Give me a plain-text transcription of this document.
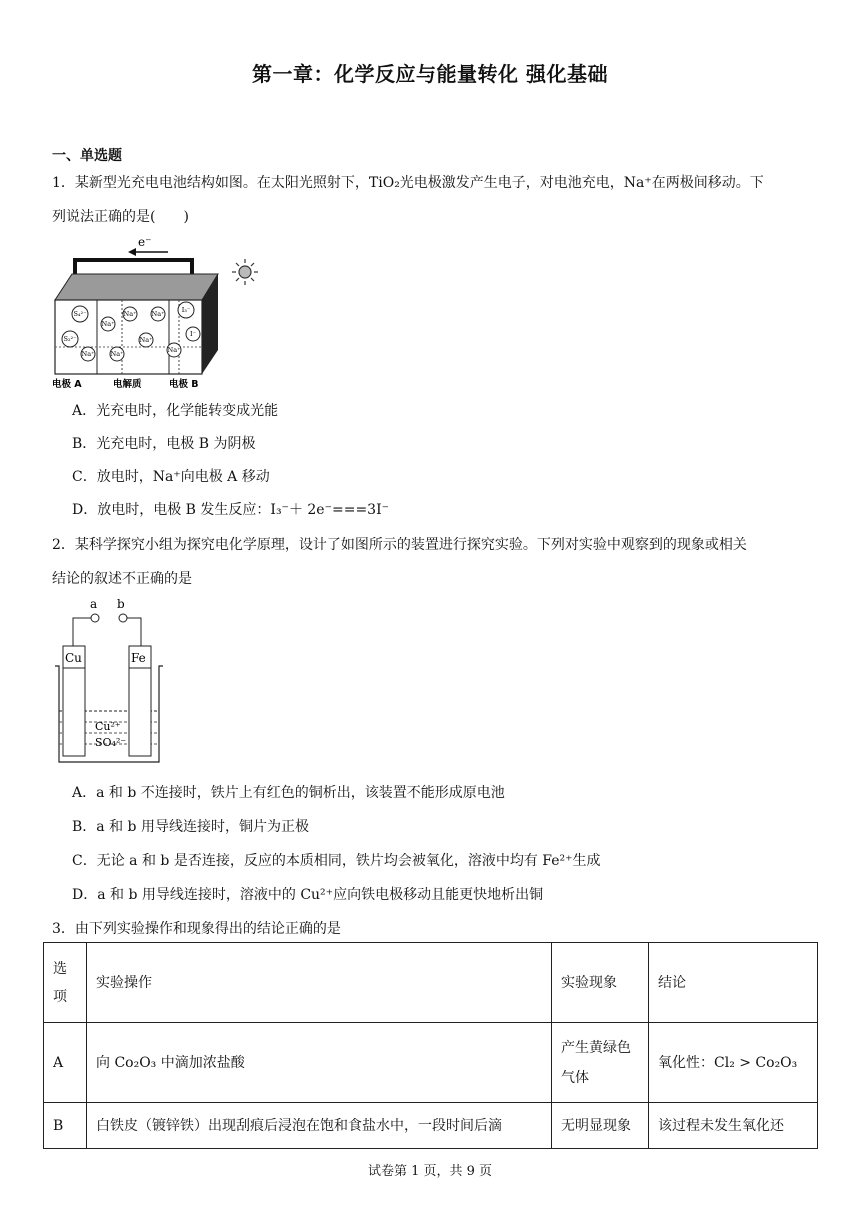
第一章：化学反应与能量转化 强化基础
一、单选题
1．某新型光充电电池结构如图。在太阳光照射下，TiO₂光电极激发产生电子，对电池充电，Na⁺在两极间移动。下
列说法正确的是(　　)
e⁻
TiO₂
S₄²⁻
S₂²⁻
Na⁺
Na⁺
Na⁺ Na⁺
Na⁺
Na⁺	I₃⁻
I⁻
Na⁺
电极 A	电解质	电极 B
A．光充电时，化学能转变成光能
B．光充电时，电极 B 为阴极
C．放电时，Na⁺向电极 A 移动
D．放电时，电极 B 发生反应：I₃⁻＋ 2e⁻===3I⁻
2．某科学探究小组为探究电化学原理，设计了如图所示的装置进行探究实验。下列对实验中观察到的现象或相关
结论的叙述不正确的是
a b
Cu	Fe
Cu²⁺
SO₄²⁻
A．a 和 b 不连接时，铁片上有红色的铜析出，该装置不能形成原电池
B．a 和 b 用导线连接时，铜片为正极
C．无论 a 和 b 是否连接，反应的本质相同，铁片均会被氧化，溶液中均有 Fe²⁺生成
D．a 和 b 用导线连接时，溶液中的 Cu²⁺应向铁电极移动且能更快地析出铜
3．由下列实验操作和现象得出的结论正确的是
选项	实验操作	实验现象	结论
A	向 Co₂O₃ 中滴加浓盐酸	产生黄绿色气体	氧化性：Cl₂ > Co₂O₃
B	白铁皮（镀锌铁）出现刮痕后浸泡在饱和食盐水中，一段时间后滴	无明显现象	该过程未发生氧化还
试卷第 1 页，共 9 页
